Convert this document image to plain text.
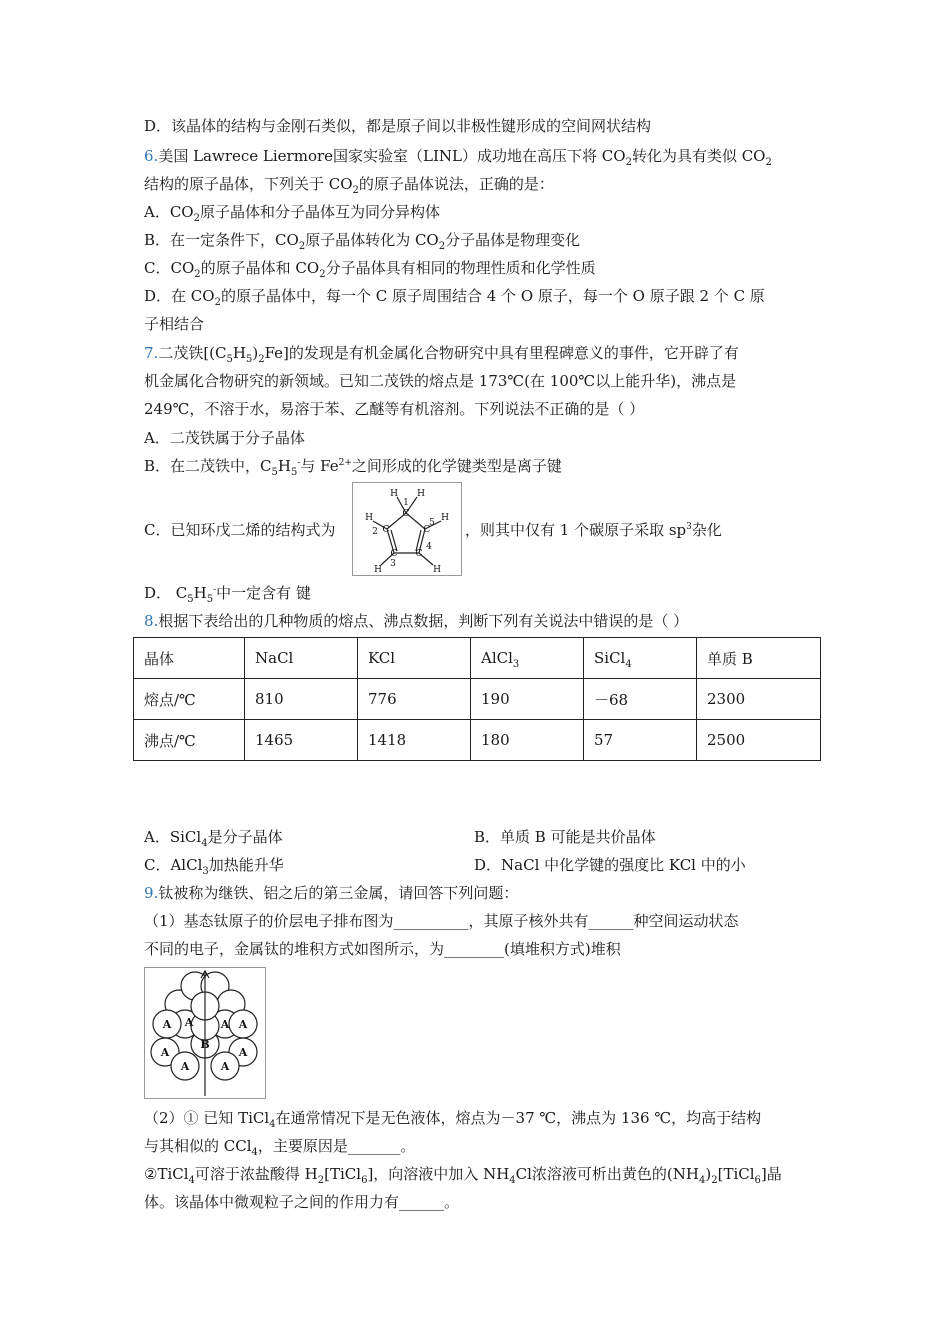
D．该晶体的结构与金刚石类似，都是原子间以非极性键形成的空间网状结构
6.美国 Lawrece Liermore国家实验室（LINL）成功地在高压下将 $CO_2$转化为具有类似 $CO_2$
结构的原子晶体，下列关于 $CO_2$的原子晶体说法，正确的是：
A．$CO_2$原子晶体和分子晶体互为同分异构体
B．在一定条件下，$CO_2$原子晶体转化为 $CO_2$分子晶体是物理变化
C．$CO_2$的原子晶体和 $CO_2$分子晶体具有相同的物理性质和化学性质
D．在 $CO_2$的原子晶体中，每一个 C 原子周围结合 4 个 O 原子，每一个 O 原子跟 2 个 C 原
子相结合
7.二茂铁$[(C_5H_5)_2Fe]$的发现是有机金属化合物研究中具有里程碑意义的事件，它开辟了有
机金属化合物研究的新领域。已知二茂铁的熔点是 173℃(在 100℃以上能升华)，沸点是
249℃，不溶于水，易溶于苯、乙醚等有机溶剂。下列说法不正确的是（ ）
A．二茂铁属于分子晶体
B．在二茂铁中，$C_5H_5^-$与 $Fe^{2+}$之间形成的化学键类型是离子键
C．已知环戊二烯的结构式为	，则其中仅有 1 个碳原子采取 $sp^3$杂化
H H
1
C
H
2 C
5
C
H
C C
3
4
H	H
D． $C_5H_5^-$中一定含有 键
8.根据下表给出的几种物质的熔点、沸点数据，判断下列有关说法中错误的是（ ）
晶体	NaCl	KCl	AlCl$_3$	SiCl$_4$	单质 B
熔点/℃	810	776	190	－68	2300
沸点/℃	1465	1418	180	57	2500
A．SiCl$_4$是分子晶体	B．单质 B 可能是共价晶体
C．AlCl$_3$加热能升华	D．NaCl 中化学键的强度比 KCl 中的小
9.钛被称为继铁、铝之后的第三金属，请回答下列问题：
（1）基态钛原子的价层电子排布图为__________，其原子核外共有______种空间运动状态
不同的电子，金属钛的堆积方式如图所示，为________(填堆积方式)堆积
A A A
A
B
A
A	A
A
（2）① 已知 TiCl$_4$在通常情况下是无色液体，熔点为－37 ℃，沸点为 136 ℃，均高于结构
与其相似的 CCl$_4$，主要原因是_______。
②TiCl$_4$可溶于浓盐酸得 $H_2[TiCl_6]$，向溶液中加入 $NH_4Cl$浓溶液可析出黄色的$(NH_4)_2[TiCl_6]$晶
体。该晶体中微观粒子之间的作用力有______。
